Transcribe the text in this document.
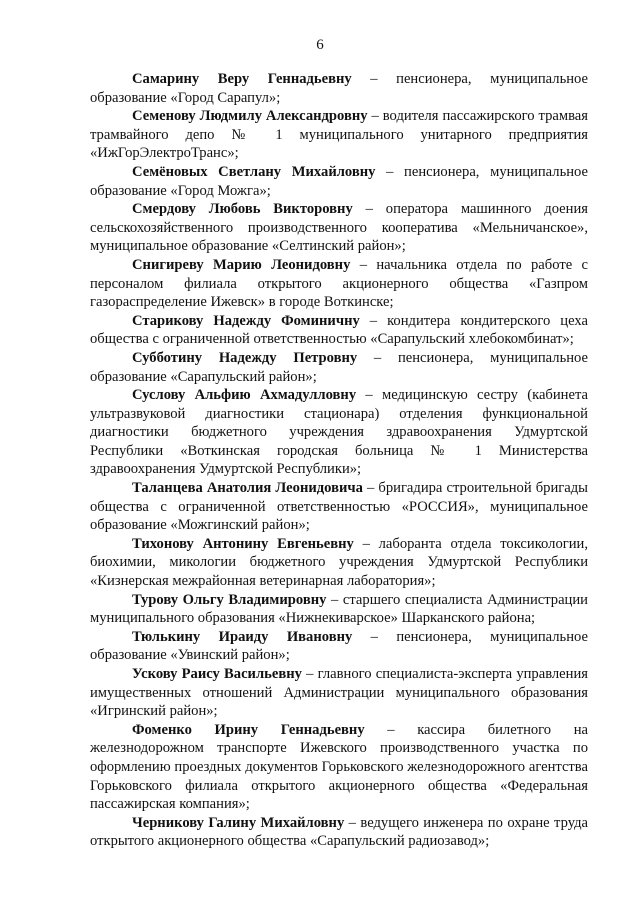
6

Самарину Веру Геннадьевну – пенсионера, муниципальное образование «Город Сарапул»;

Семенову Людмилу Александровну – водителя пассажирского трамвая трамвайного депо № 1 муниципального унитарного предприятия «ИжГорЭлектроТранс»;

Семёновых Светлану Михайловну – пенсионера, муниципальное образование «Город Можга»;

Смердову Любовь Викторовну – оператора машинного доения сельскохозяйственного производственного кооператива «Мельничанское», муниципальное образование «Селтинский район»;

Снигиреву Марию Леонидовну – начальника отдела по работе с персоналом филиала открытого акционерного общества «Газпром газораспределение Ижевск» в городе Воткинске;

Старикову Надежду Фоминичну – кондитера кондитерского цеха общества с ограниченной ответственностью «Сарапульский хлебокомбинат»;

Субботину Надежду Петровну – пенсионера, муниципальное образование «Сарапульский район»;

Суслову Альфию Ахмадулловну – медицинскую сестру (кабинета ультразвуковой диагностики стационара) отделения функциональной диагностики бюджетного учреждения здравоохранения Удмуртской Республики «Воткинская городская больница № 1 Министерства здравоохранения Удмуртской Республики»;

Таланцева Анатолия Леонидовича – бригадира строительной бригады общества с ограниченной ответственностью «РОССИЯ», муниципальное образование «Можгинский район»;

Тихонову Антонину Евгеньевну – лаборанта отдела токсикологии, биохимии, микологии бюджетного учреждения Удмуртской Республики «Кизнерская межрайонная ветеринарная лаборатория»;

Турову Ольгу Владимировну – старшего специалиста Администрации муниципального образования «Нижнекиварское» Шарканского района;

Тюлькину Ираиду Ивановну – пенсионера, муниципальное образование «Увинский район»;

Ускову Раису Васильевну – главного специалиста-эксперта управления имущественных отношений Администрации муниципального образования «Игринский район»;

Фоменко Ирину Геннадьевну – кассира билетного на железнодорожном транспорте Ижевского производственного участка по оформлению проездных документов Горьковского железнодорожного агентства Горьковского филиала открытого акционерного общества «Федеральная пассажирская компания»;

Черникову Галину Михайловну – ведущего инженера по охране труда открытого акционерного общества «Сарапульский радиозавод»;
